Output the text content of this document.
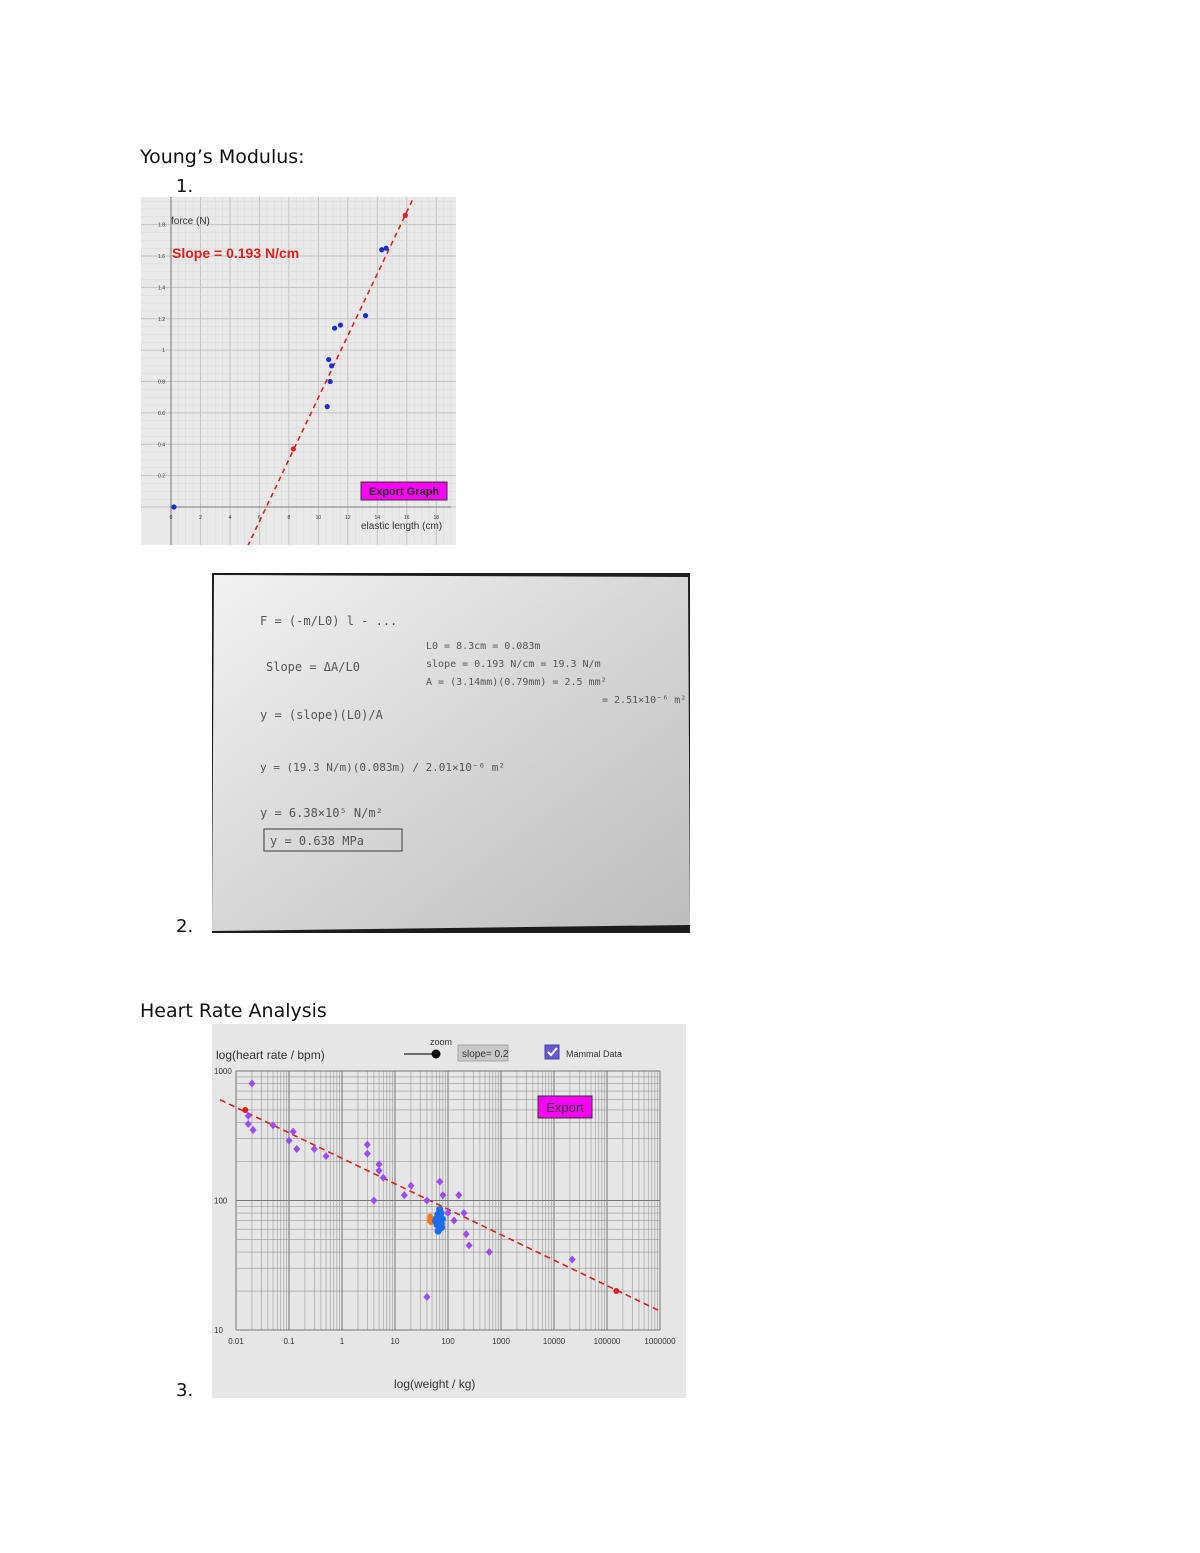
Young’s Modulus:
1.
2.
Heart Rate Analysis
3.
0	2	4	6	8	10	12	14	16	18
0.2
0.4
0.6
0.8
1
1.2
1.4
1.6
1.8 force (N)
Slope = 0.193 N/cm
elastic length (cm)
Export Graph
F = (-m/L0) l - ...
Slope = ΔA/L0
y = (slope)(L0)/A
y = (19.3 N/m)(0.083m) / 2.01×10⁻⁶ m²
y = 6.38×10⁵ N/m²
y = 0.638 MPa
L0 = 8.3cm = 0.083m
slope = 0.193 N/cm = 19.3 N/m
A = (3.14mm)(0.79mm) = 2.5 mm²
= 2.51×10⁻⁶ m²
1000
100
10
0.01	0.1	1	10	100	1000	10000	100000	1000000
log(heart rate / bpm)
log(weight / kg)
zoom
slope= 0.2	Mammal Data
Export
